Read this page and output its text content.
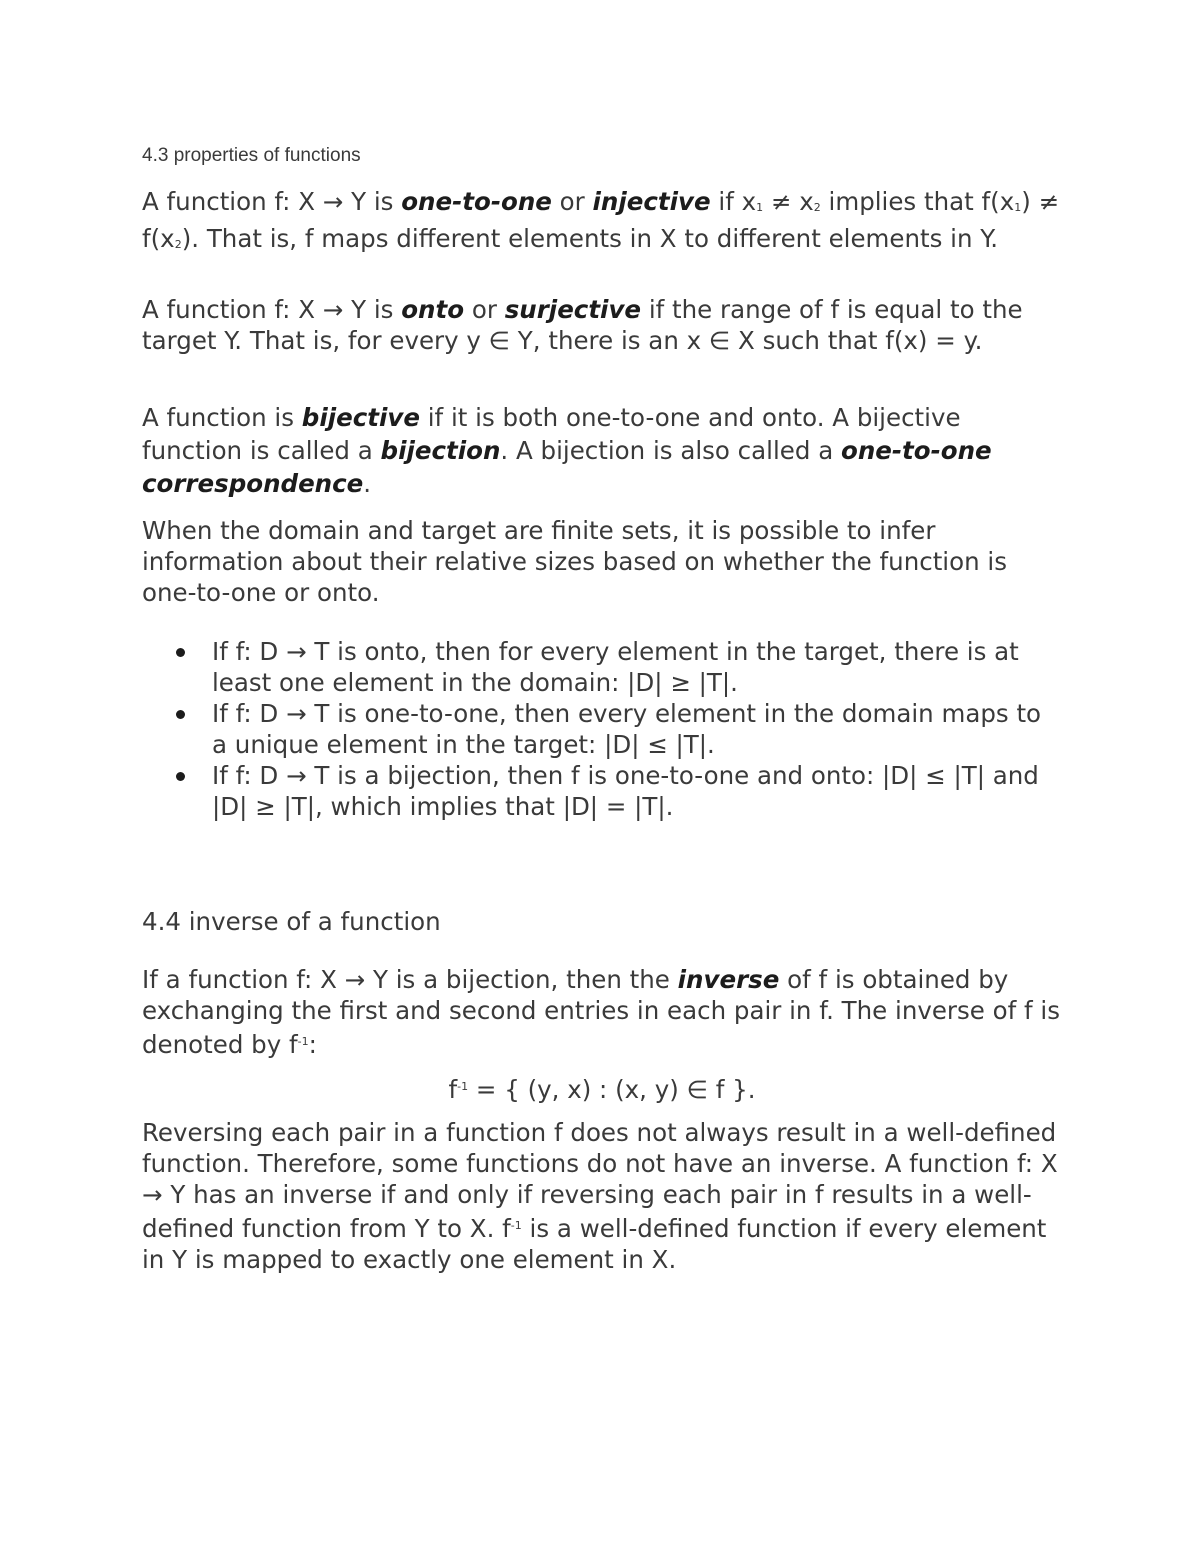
4.3 properties of functions

A function f: X → Y is one-to-one or injective if x1 ≠ x2 implies that f(x1) ≠ f(x2). That is, f maps different elements in X to different elements in Y.

A function f: X → Y is onto or surjective if the range of f is equal to the target Y. That is, for every y ∈ Y, there is an x ∈ X such that f(x) = y.

A function is bijective if it is both one-to-one and onto. A bijective function is called a bijection. A bijection is also called a one-to-one correspondence.

When the domain and target are finite sets, it is possible to infer information about their relative sizes based on whether the function is one-to-one or onto.

If f: D → T is onto, then for every element in the target, there is at least one element in the domain: |D| ≥ |T|.
If f: D → T is one-to-one, then every element in the domain maps to a unique element in the target: |D| ≤ |T|.
If f: D → T is a bijection, then f is one-to-one and onto: |D| ≤ |T| and |D| ≥ |T|, which implies that |D| = |T|.

4.4 inverse of a function

If a function f: X → Y is a bijection, then the inverse of f is obtained by exchanging the first and second entries in each pair in f. The inverse of f is denoted by $f^{-1}$:

$f^{-1}$ = { (y, x) : (x, y) ∈ f }.

Reversing each pair in a function f does not always result in a well-defined function. Therefore, some functions do not have an inverse. A function f: X → Y has an inverse if and only if reversing each pair in f results in a well-defined function from Y to X. $f^{-1}$ is a well-defined function if every element in Y is mapped to exactly one element in X.
